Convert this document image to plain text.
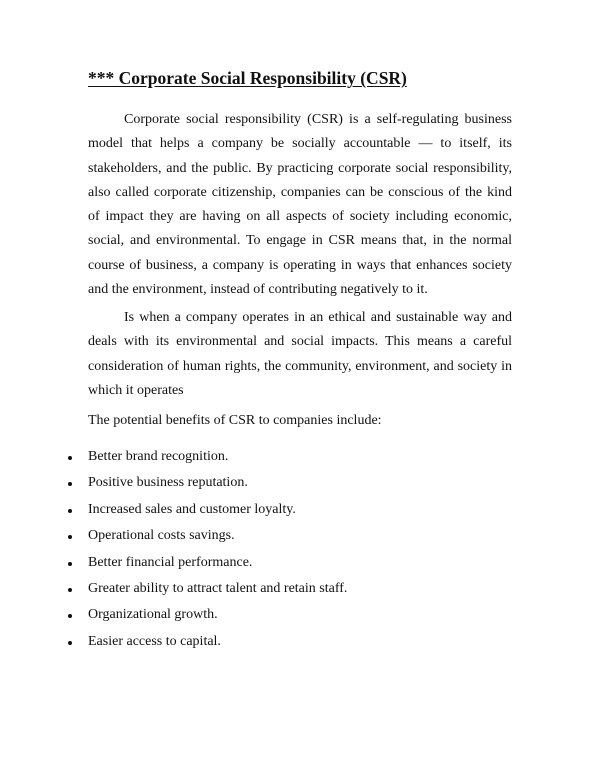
*** Corporate Social Responsibility (CSR)

Corporate social responsibility (CSR) is a self-regulating business model that helps a company be socially accountable — to itself, its stakeholders, and the public. By practicing corporate social responsibility, also called corporate citizenship, companies can be conscious of the kind of impact they are having on all aspects of society including economic, social, and environmental. To engage in CSR means that, in the normal course of business, a company is operating in ways that enhances society and the environment, instead of contributing negatively to it.

Is when a company operates in an ethical and sustainable way and deals with its environmental and social impacts. This means a careful consideration of human rights, the community, environment, and society in which it operates

The potential benefits of CSR to companies include:

Better brand recognition.
Positive business reputation.
Increased sales and customer loyalty.
Operational costs savings.
Better financial performance.
Greater ability to attract talent and retain staff.
Organizational growth.
Easier access to capital.
